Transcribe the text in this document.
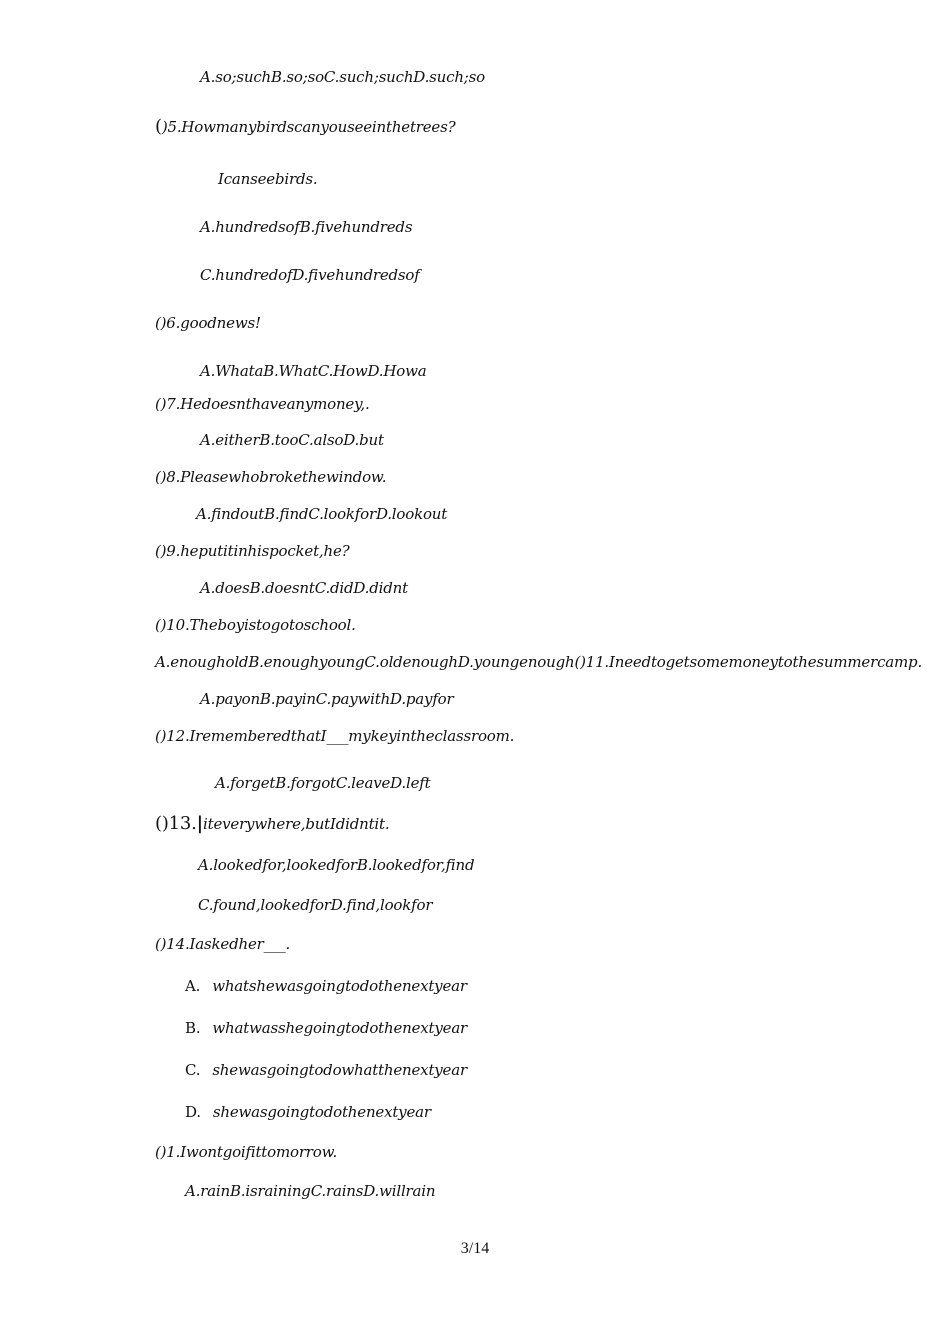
A.so;suchB.so;soC.such;suchD.such;so
()5.Howmanybirdscanyouseeinthetrees?
Icanseebirds.
A.hundredsofB.fivehundreds
C.hundredofD.fivehundredsof
()6.goodnews!
A.WhataB.WhatC.HowD.Howa
()7.Hedoesnthaveanymoney,.
A.eitherB.tooC.alsoD.but
()8.Pleasewhobrokethewindow.
A.findoutB.findC.lookforD.lookout
()9.heputitinhispocket,he?
A.doesB.doesntC.didD.didnt
()10.Theboyistogotoschool.
A.enougholdB.enoughyoungC.oldenoughD.youngenough()11.Ineedtogetsomemoneytothesummercamp.
A.payonB.payinC.paywithD.payfor
()12.IrememberedthatI___mykeyintheclassroom.
A.forgetB.forgotC.leaveD.left
()13.|iteverywhere,butIdidntit.
A.lookedfor,lookedforB.lookedfor,find
C.found,lookedforD.find,lookfor
()14.Iaskedher___.
A. whatshewasgoingtodothenextyear
B. whatwasshegoingtodothenextyear
C. shewasgoingtodowhatthenextyear
D. shewasgoingtodothenextyear
()1.Iwontgoifittomorrow.
A.rainB.israiningC.rainsD.willrain
3/14
